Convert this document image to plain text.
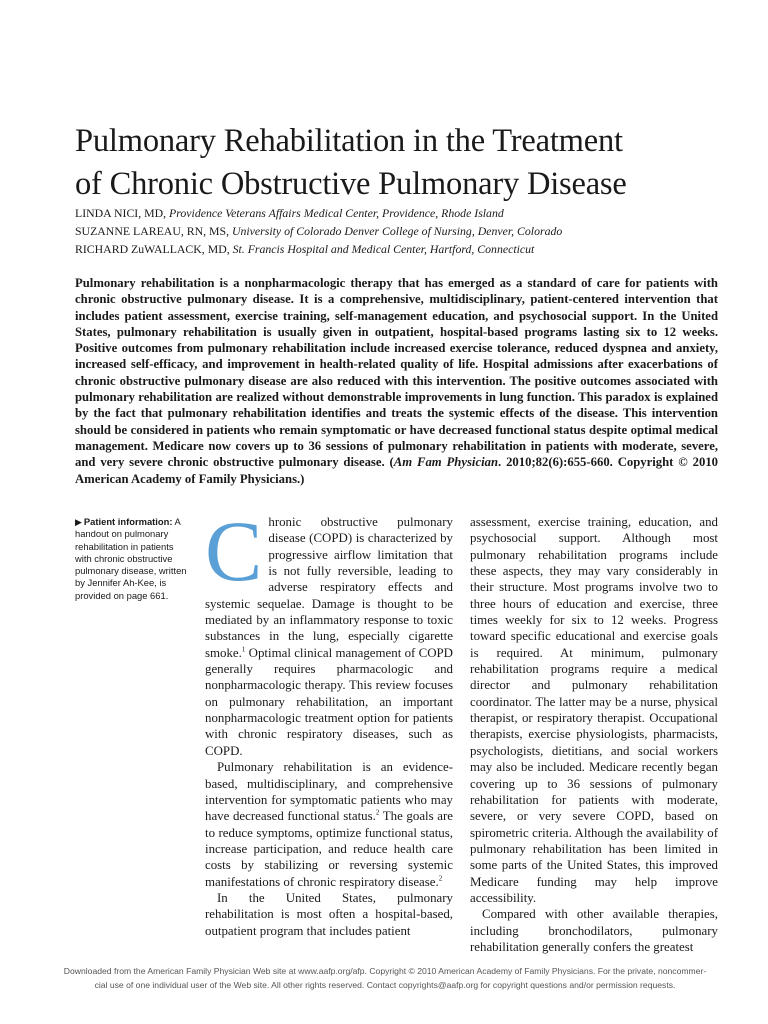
Pulmonary Rehabilitation in the Treatment
of Chronic Obstructive Pulmonary Disease
LINDA NICI, MD, Providence Veterans Affairs Medical Center, Providence, Rhode Island
SUZANNE LAREAU, RN, MS, University of Colorado Denver College of Nursing, Denver, Colorado
RICHARD ZuWALLACK, MD, St. Francis Hospital and Medical Center, Hartford, Connecticut

Pulmonary rehabilitation is a nonpharmacologic therapy that has emerged as a standard of care for patients with chronic obstructive pulmonary disease. It is a comprehensive, multidisciplinary, patient-centered intervention that includes patient assessment, exercise training, self-management education, and psychosocial support. In the United States, pulmonary rehabilitation is usually given in outpatient, hospital-based programs lasting six to 12 weeks. Positive outcomes from pulmonary rehabilitation include increased exercise tolerance, reduced dyspnea and anxiety, increased self-efficacy, and improvement in health-related quality of life. Hospital admissions after exacerbations of chronic obstructive pulmonary disease are also reduced with this intervention. The positive outcomes associated with pulmonary rehabilitation are realized without demonstrable improvements in lung function. This paradox is explained by the fact that pulmonary rehabilitation identifies and treats the systemic effects of the disease. This intervention should be considered in patients who remain symptomatic or have decreased functional status despite optimal medical management. Medicare now covers up to 36 sessions of pulmonary rehabilitation in patients with moderate, severe, and very severe chronic obstructive pulmonary disease. (Am Fam Physician. 2010;82(6):655-660. Copyright © 2010 American Academy of Family Physicians.)

▶ Patient information: A handout on pulmonary rehabilitation in patients with chronic obstructive pulmonary disease, written by Jennifer Ah-Kee, is provided on page 661. Chronic obstructive pulmonary disease (COPD) is characterized by progressive airflow limitation that is not fully reversible, leading to adverse respiratory effects and systemic sequelae. Damage is thought to be mediated by an inflammatory response to toxic substances in the lung, especially cigarette smoke.$^1$ Optimal clinical management of COPD generally requires pharmacologic and nonpharmacologic therapy. This review focuses on pulmonary rehabilitation, an important nonpharmacologic treatment option for patients with chronic respiratory diseases, such as COPD.

Pulmonary rehabilitation is an evidence-based, multidisciplinary, and comprehensive intervention for symptomatic patients who may have decreased functional status.$^2$ The goals are to reduce symptoms, optimize functional status, increase participation, and reduce health care costs by stabilizing or reversing systemic manifestations of chronic respiratory disease.$^2$

In the United States, pulmonary rehabilitation is most often a hospital-based, outpatient program that includes patient

assessment, exercise training, education, and psychosocial support. Although most pulmonary rehabilitation programs include these aspects, they may vary considerably in their structure. Most programs involve two to three hours of education and exercise, three times weekly for six to 12 weeks. Progress toward specific educational and exercise goals is required. At minimum, pulmonary rehabilitation programs require a medical director and pulmonary rehabilitation coordinator. The latter may be a nurse, physical therapist, or respiratory therapist. Occupational therapists, exercise physiologists, pharmacists, psychologists, dietitians, and social workers may also be included. Medicare recently began covering up to 36 sessions of pulmonary rehabilitation for patients with moderate, severe, or very severe COPD, based on spirometric criteria. Although the availability of pulmonary rehabilitation has been limited in some parts of the United States, this improved Medicare funding may help improve accessibility.

Compared with other available therapies, including bronchodilators, pulmonary rehabilitation generally confers the greatest

Downloaded from the American Family Physician Web site at www.aafp.org/afp. Copyright © 2010 American Academy of Family Physicians. For the private, noncommer-
cial use of one individual user of the Web site. All other rights reserved. Contact copyrights@aafp.org for copyright questions and/or permission requests.
